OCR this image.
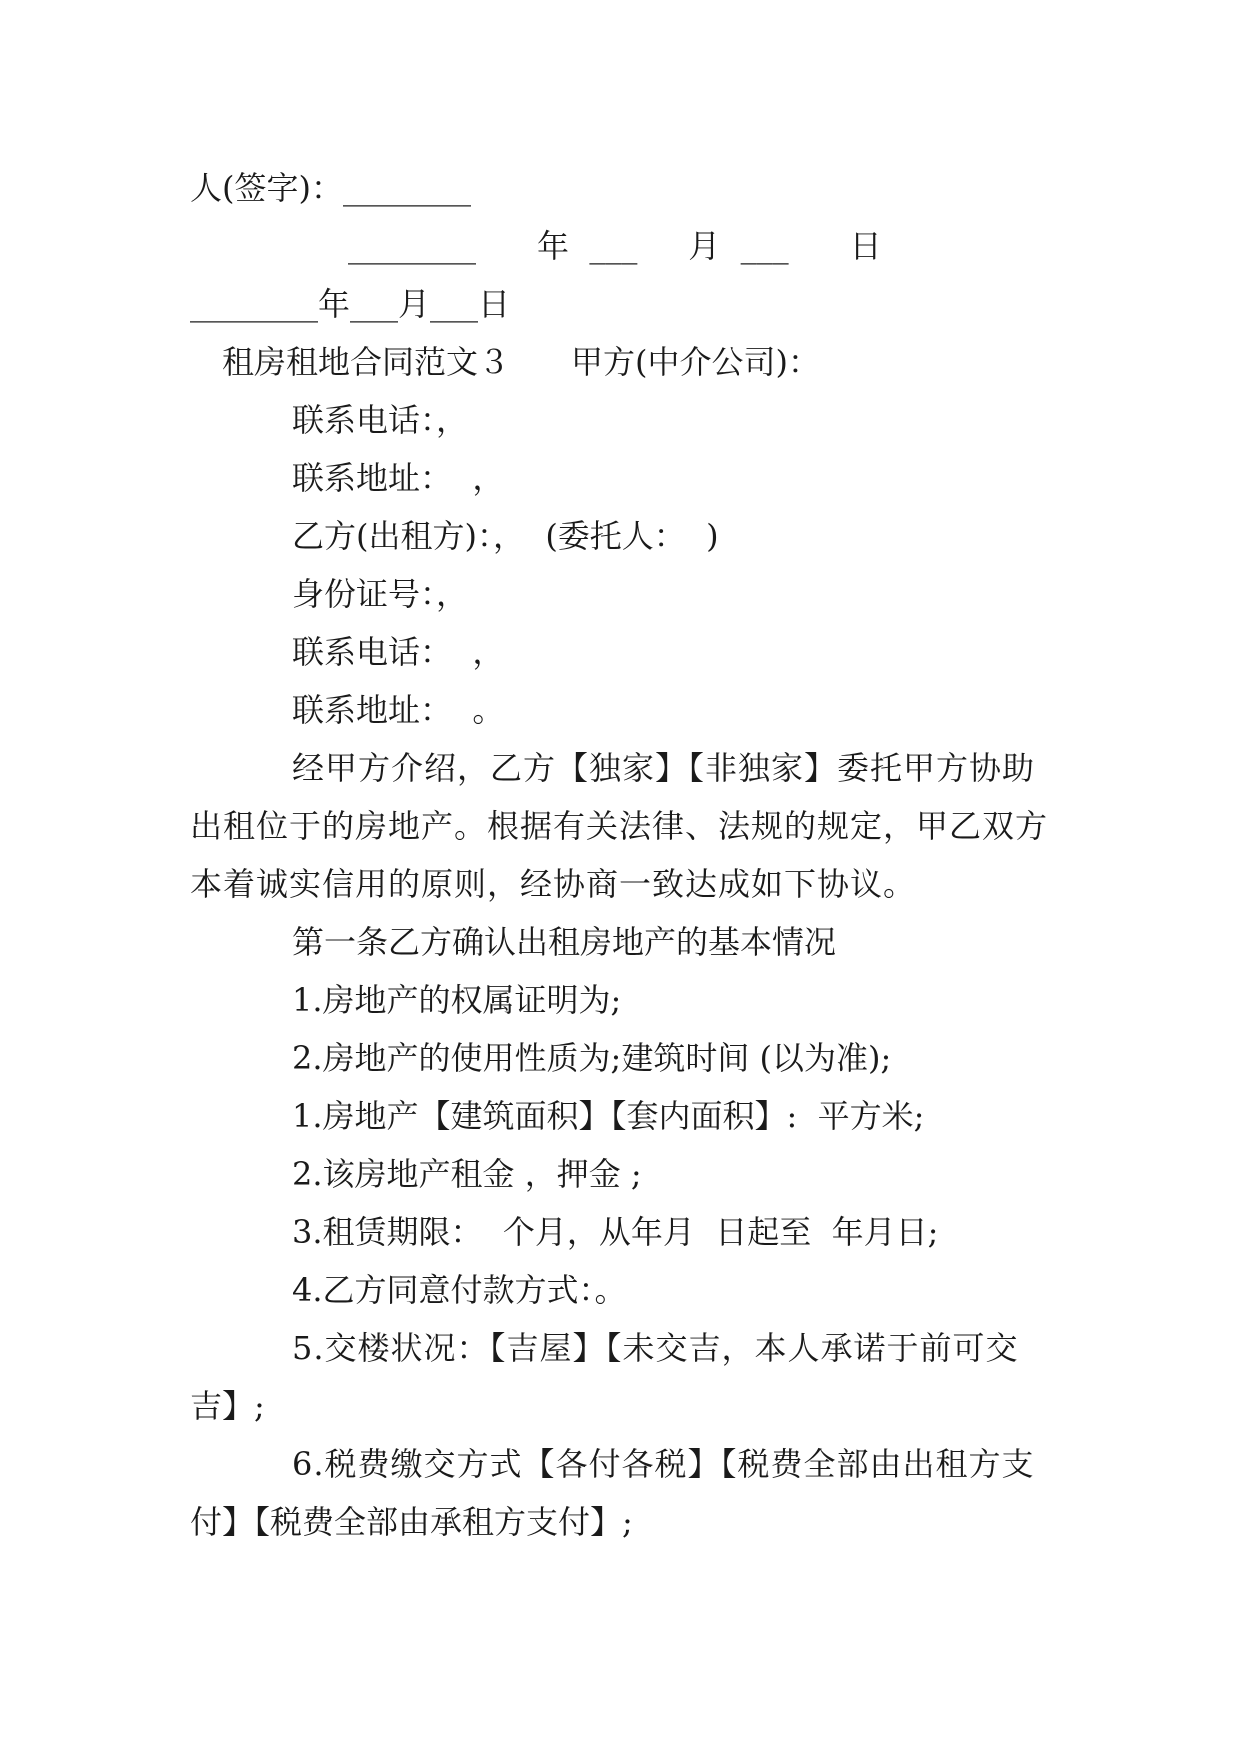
人(签字)：________
________      年  ___     月  ___      日
________年___月___日
租房租地合同范文３      甲方(中介公司)：
联系电话：，
联系地址：  ，
乙方(出租方)：，  (委托人：  )
身份证号：，
联系电话：  ，
联系地址：  。
经甲方介绍，乙方【独家】【非独家】委托甲方协助
出租位于的房地产。根据有关法律、法规的规定，甲乙双方
本着诚实信用的原则，经协商一致达成如下协议。
第一条乙方确认出租房地产的基本情况
1.房地产的权属证明为;
2.房地产的使用性质为;建筑时间 (以为准);
1.房地产【建筑面积】【套内面积】:  平方米;
2.该房地产租金 ，押金 ;
3.租赁期限：  个月，从年月  日起至  年月日;
4.乙方同意付款方式：。
5.交楼状况：【吉屋】【未交吉，本人承诺于前可交
吉】;
6.税费缴交方式【各付各税】【税费全部由出租方支
付】【税费全部由承租方支付】;
